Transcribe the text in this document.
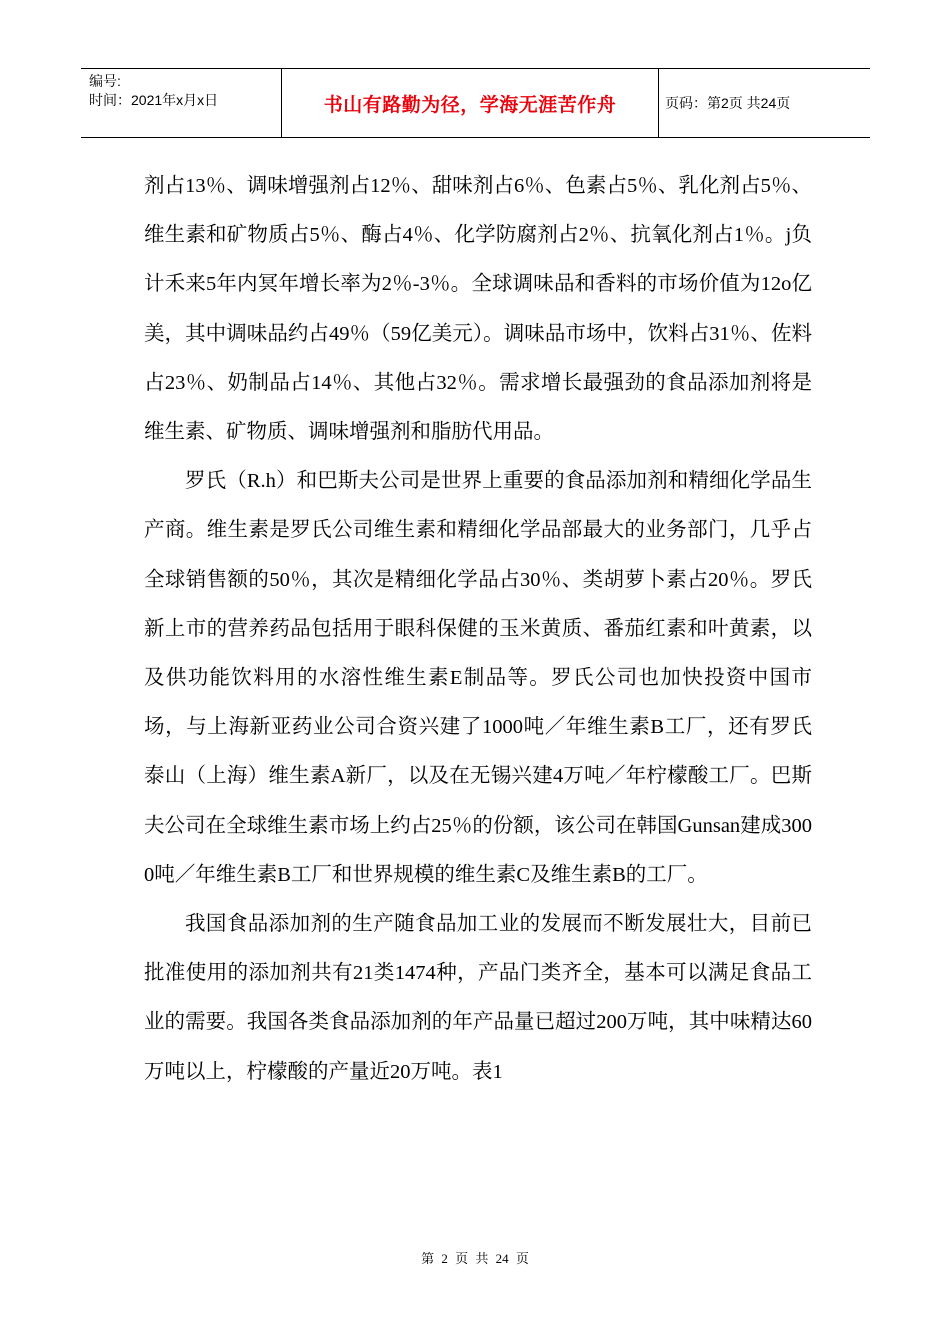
编号:
时间：2021年x月x日	书山有路勤为径，学海无涯苦作舟	页码：第2页 共24页

剂占13％、调味增强剂占12％、甜味剂占6％、色素占5％、乳化剂占5％、维生素和矿物质占5％、酶占4％、化学防腐剂占2％、抗氧化剂占1％。j负计禾来5年内冥年增长率为2％-3％。全球调味品和香料的市场价值为12o亿美，其中调味品约占49％（59亿美元）。调味品市场中，饮料占31％、佐料占23％、奶制品占14％、其他占32％。需求增长最强劲的食品添加剂将是维生素、矿物质、调味增强剂和脂肪代用品。

罗氏（R.h）和巴斯夫公司是世界上重要的食品添加剂和精细化学品生产商。维生素是罗氏公司维生素和精细化学品部最大的业务部门，几乎占全球销售额的50％，其次是精细化学品占30％、类胡萝卜素占20％。罗氏新上市的营养药品包括用于眼科保健的玉米黄质、番茄红素和叶黄素，以及供功能饮料用的水溶性维生素E制品等。罗氏公司也加快投资中国市场，与上海新亚药业公司合资兴建了1000吨／年维生素B工厂，还有罗氏泰山（上海）维生素A新厂，以及在无锡兴建4万吨／年柠檬酸工厂。巴斯夫公司在全球维生素市场上约占25％的份额，该公司在韩国Gunsan建成3000吨／年维生素B工厂和世界规模的维生素C及维生素B的工厂。

我国食品添加剂的生产随食品加工业的发展而不断发展壮大，目前已批准使用的添加剂共有21类1474种，产品门类齐全，基本可以满足食品工业的需要。我国各类食品添加剂的年产品量已超过200万吨，其中味精达60万吨以上，柠檬酸的产量近20万吨。表1

第 2 页 共 24 页
